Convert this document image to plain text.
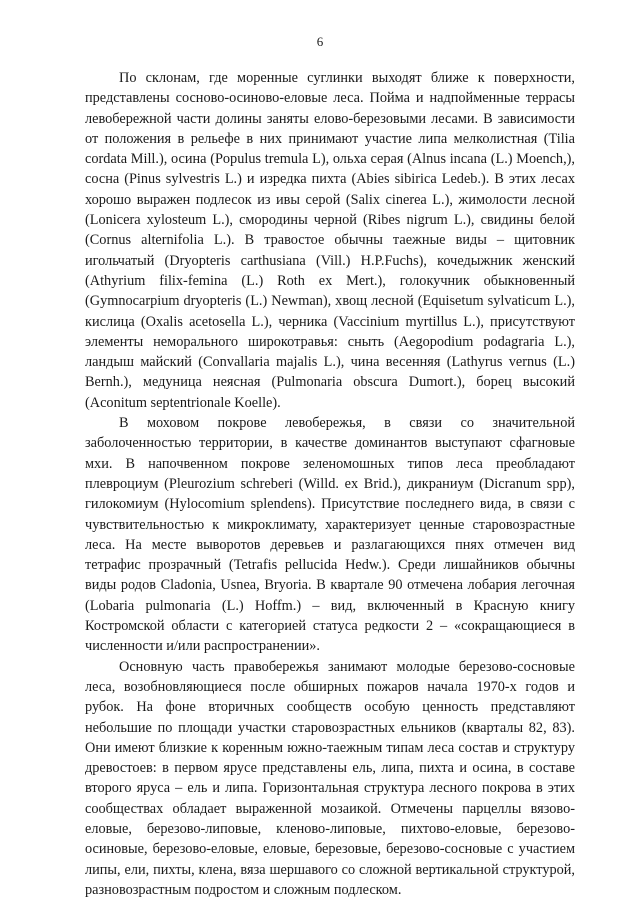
6

По склонам, где моренные суглинки выходят ближе к поверхности, представлены сосново-осиново-еловые леса. Пойма и надпойменные террасы левобережной части долины заняты елово-березовыми лесами. В зависимости от положения в рельефе в них принимают участие липа мелколистная (Tilia cordata Mill.), осина (Populus tremula L), ольха серая (Alnus incana (L.) Moench,), сосна (Pinus sylvestris L.) и изредка пихта (Abies sibirica Ledeb.). В этих лесах хорошо выражен подлесок из ивы серой (Salix cinerea L.), жимолости лесной (Lonicera xylosteum L.), смородины черной (Ribes nigrum L.), свидины белой (Cornus alternifolia L.). В травостое обычны таежные виды – щитовник игольчатый (Dryopteris carthusiana (Vill.) H.P.Fuchs), кочедыжник женский (Athyrium filix-femina (L.) Roth ex Mert.), голокучник обыкновенный (Gymnocarpium dryopteris (L.) Newman), хвощ лесной (Equisetum sylvaticum L.), кислица (Oxalis acetosella L.), черника (Vaccinium myrtillus L.), присутствуют элементы неморального широкотравья: сныть (Aegopodium podagraria L.), ландыш майский (Convallaria majalis L.), чина весенняя (Lathyrus vernus (L.) Bernh.), медуница неясная (Pulmonaria obscura Dumort.), борец высокий (Aconitum septentrionale Koelle).

В моховом покрове левобережья, в связи со значительной заболоченностью территории, в качестве доминантов выступают сфагновые мхи. В напочвенном покрове зеленомошных типов леса преобладают плевроциум (Pleurozium schreberi (Willd. ex Brid.), дикраниум (Dicranum spp), гилокомиум (Hylocomium splendens). Присутствие последнего вида, в связи с чувствительностью к микроклимату, характеризует ценные старовозрастные леса. На месте выворотов деревьев и разлагающихся пнях отмечен вид тетрафис прозрачный (Tetrafis pellucida Hedw.). Среди лишайников обычны виды родов Cladonia, Usnea, Bryoria. В квартале 90 отмечена лобария легочная (Lobaria pulmonaria (L.) Hoffm.) – вид, включенный в Красную книгу Костромской области с категорией статуса редкости 2 – «сокращающиеся в численности и/или распространении».

Основную часть правобережья занимают молодые березово-сосновые леса, возобновляющиеся после обширных пожаров начала 1970-х годов и рубок. На фоне вторичных сообществ особую ценность представляют небольшие по площади участки старовозрастных ельников (кварталы 82, 83). Они имеют близкие к коренным южно-таежным типам леса состав и структуру древостоев: в первом ярусе представлены ель, липа, пихта и осина, в составе второго яруса – ель и липа. Горизонтальная структура лесного покрова в этих сообществах обладает выраженной мозаикой. Отмечены парцеллы вязово-еловые, березово-липовые, кленово-липовые, пихтово-еловые, березово-осиновые, березово-еловые, еловые, березовые, березово-сосновые с участием липы, ели, пихты, клена, вяза шершавого со сложной вертикальной структурой, разновозрастным подростом и сложным подлеском.
